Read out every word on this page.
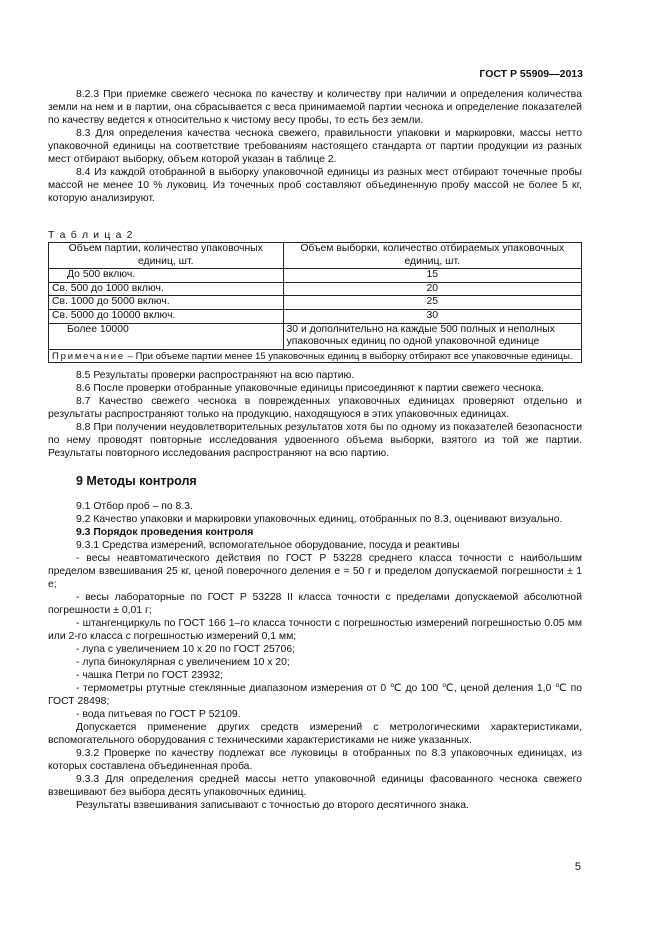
ГОСТ Р 55909—2013

8.2.3 При приемке свежего чеснока по качеству и количеству при наличии и определения количества земли на нем и в партии, она сбрасывается с веса принимаемой партии чеснока и определение показателей по качеству ведется к относительно к чистому весу пробы, то есть без земли.

8.3 Для определения качества чеснока свежего, правильности упаковки и маркировки, массы нетто упаковочной единицы на соответствие требованиям настоящего стандарта от партии продукции из разных мест отбирают выборку, объем которой указан в таблице 2.

8.4 Из каждой отобранной в выборку упаковочной единицы из разных мест отбирают точечные пробы массой не менее 10 % луковиц. Из точечных проб составляют объединенную пробу массой не более 5 кг, которую анализируют.

Т а б л и ц а 2
Объем партии, количество упаковочных единиц, шт.	Объем выборки, количество отбираемых упаковочных единиц, шт.
До 500 включ.	15
Св. 500 до 1000 включ.	20
Св. 1000 до 5000 включ.	25
Св. 5000 до 10000 включ.	30
Более 10000	30 и дополнительно на каждые 500 полных и неполных упаковочных единиц по одной упаковочной единице
Примечание – При объеме партии менее 15 упаковочных единиц в выборку отбирают все упаковочные единицы.	

8.5 Результаты проверки распространяют на всю партию.

8.6 После проверки отобранные упаковочные единицы присоединяют к партии свежего чеснока.

8.7 Качество свежего чеснока в поврежденных упаковочных единицах проверяют отдельно и результаты распространяют только на продукцию, находящуюся в этих упаковочных единицах.

8.8 При получении неудовлетворительных результатов хотя бы по одному из показателей безопасности по нему проводят повторные исследования удвоенного объема выборки, взятого из той же партии. Результаты повторного исследования распространяют на всю партию.

9 Методы контроля

9.1 Отбор проб – по 8.3.

9.2 Качество упаковки и маркировки упаковочных единиц, отобранных по 8.3, оценивают визуально.

9.3 Порядок проведения контроля

9.3.1 Средства измерений, вспомогательное оборудование, посуда и реактивы

- весы неавтоматического действия по ГОСТ Р 53228 среднего класса точности с наибольшим пределом взвешивания 25 кг, ценой поверочного деления е = 50 г и пределом допускаемой погрешности ± 1 е;

- весы лабораторные по ГОСТ Р 53228 II класса точности с пределами допускаемой абсолютной погрешности ± 0,01 г;

- штангенциркуль по ГОСТ 166 1–го класса точности с погрешностью измерений погрешностью 0.05 мм или 2-го класса с погрешностью измерений 0,1 мм;

- лупа с увеличением 10 х 20 по ГОСТ 25706;

- лупа бинокулярная с увеличением 10 х 20;

- чашка Петри по ГОСТ 23932;

- термометры ртутные стеклянные диапазоном измерения от 0 ℃ до 100 ℃, ценой деления 1,0 ℃ по ГОСТ 28498;

- вода питьевая по ГОСТ Р 52109.

Допускается применение других средств измерений с метрологическими характеристиками, вспомогательного оборудования с техническими характеристиками не ниже указанных.

9.3.2 Проверке по качеству подлежат все луковицы в отобранных по 8.3 упаковочных единицах, из которых составлена объединенная проба.

9.3.3 Для определения средней массы нетто упаковочной единицы фасованного чеснока свежего взвешивают без выбора десять упаковочных единиц.

Результаты взвешивания записывают с точностью до второго десятичного знака.

5
